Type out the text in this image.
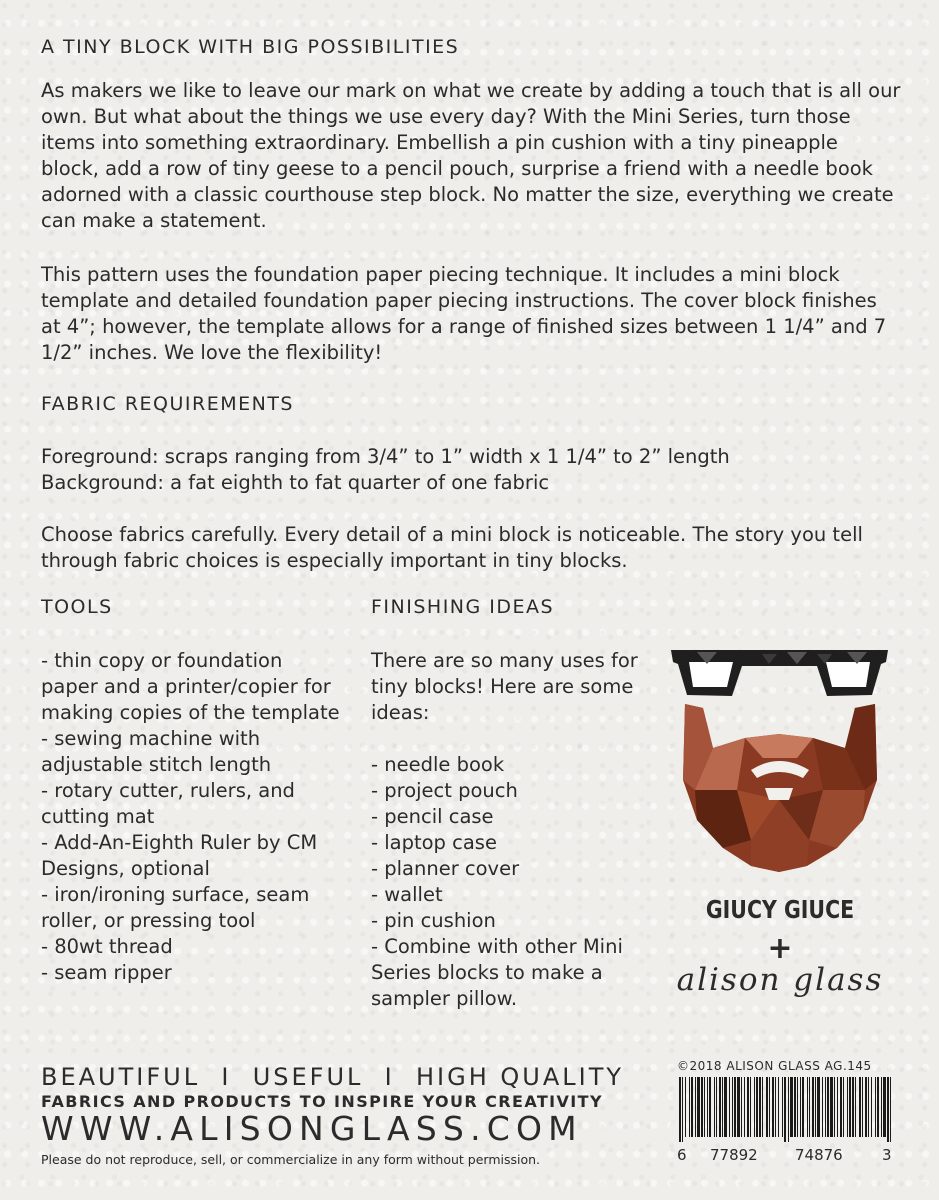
A TINY BLOCK WITH BIG POSSIBILITIES

As makers we like to leave our mark on what we create by adding a touch that is all our own. But what about the things we use every day? With the Mini Series, turn those items into something extraordinary. Embellish a pin cushion with a tiny pineapple block, add a row of tiny geese to a pencil pouch, surprise a friend with a needle book adorned with a classic courthouse step block. No matter the size, everything we create can make a statement.

This pattern uses the foundation paper piecing technique. It includes a mini block template and detailed foundation paper piecing instructions. The cover block finishes at 4”; however, the template allows for a range of finished sizes between 1 1/4” and 7 1/2” inches. We love the flexibility!

FABRIC REQUIREMENTS

Foreground: scraps ranging from 3/4” to 1” width x 1 1/4” to 2” length

Background: a fat eighth to fat quarter of one fabric

Choose fabrics carefully. Every detail of a mini block is noticeable. The story you tell through fabric choices is especially important in tiny blocks.

TOOLS
- thin copy or foundation paper and a printer/copier for making copies of the template
- sewing machine with adjustable stitch length
- rotary cutter, rulers, and cutting mat
- Add-An-Eighth Ruler by CM Designs, optional
- iron/ironing surface, seam roller, or pressing tool
- 80wt thread
- seam ripper
FINISHING IDEAS

There are so many uses for tiny blocks! Here are some ideas:

- needle book
- project pouch
- pencil case
- laptop case
- planner cover
- wallet
- pin cushion
- Combine with other Mini Series blocks to make a sampler pillow.
GIUCY GIUCE
+
alison glass
BEAUTIFUL  I  USEFUL  I  HIGH QUALITY
FABRICS AND PRODUCTS TO INSPIRE YOUR CREATIVITY
WWW.ALISONGLASS.COM
Please do not reproduce, sell, or commercialize in any form without permission.
©2018 ALISON GLASS AG.145
6 77892 74876	3
